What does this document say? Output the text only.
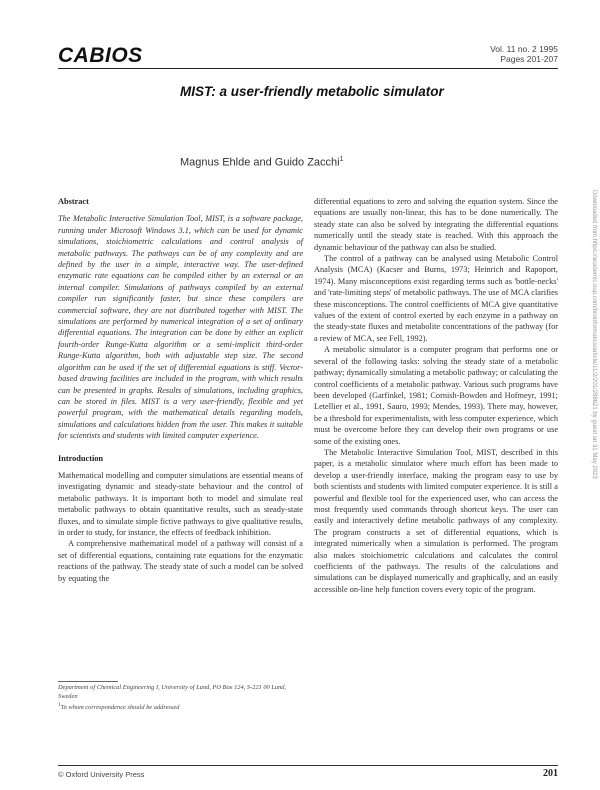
CABIOS	Vol. 11 no. 2 1995
Pages 201-207
MIST: a user-friendly metabolic simulator
Magnus Ehlde and Guido Zacchi$^1$
Abstract

The Metabolic Interactive Simulation Tool, MIST, is a software package, running under Microsoft Windows 3.1, which can be used for dynamic simulations, stoichiometric calculations and control analysis of metabolic pathways. The pathways can be of any complexity and are defined by the user in a simple, interactive way. The user-defined enzymatic rate equations can be compiled either by an external or an internal compiler. Simulations of pathways compiled by an external compiler run significantly faster, but since these compilers are commercial software, they are not distributed together with MIST. The simulations are performed by numerical integration of a set of ordinary differential equations. The integration can be done by either an explicit fourth-order Runge-Kutta algorithm or a semi-implicit third-order Runge-Kutta algorithm, both with adjustable step size. The second algorithm can be used if the set of differential equations is stiff. Vector-based drawing facilities are included in the program, with which results can be presented in graphs. Results of simulations, including graphics, can be stored in files. MIST is a very user-friendly, flexible and yet powerful program, with the mathematical details regarding models, simulations and calculations hidden from the user. This makes it suitable for scientists and students with limited computer experience.

Introduction

Mathematical modelling and computer simulations are essential means of investigating dynamic and steady-state behaviour and the control of metabolic pathways. It is important both to model and simulate real metabolic pathways to obtain quantitative results, such as steady-state fluxes, and to simulate simple fictive pathways to give qualitative results, in order to study, for instance, the effects of feedback inhibition.

A comprehensive mathematical model of a pathway will consist of a set of differential equations, containing rate equations for the enzymatic reactions of the pathway. The steady state of such a model can be solved by equating the

Department of Chemical Engineering I, University of Lund, PO Box 124, S-221 00 Lund, Sweden
$^1$To whom correspondence should be addressed

differential equations to zero and solving the equation system. Since the equations are usually non-linear, this has to be done numerically. The steady state can also be solved by integrating the differential equations numerically until the steady state is reached. With this approach the dynamic behaviour of the pathway can also be studied.

The control of a pathway can be analysed using Metabolic Control Analysis (MCA) (Kacser and Burns, 1973; Heinrich and Rapoport, 1974). Many misconceptions exist regarding terms such as 'bottle-necks' and 'rate-limiting steps' of metabolic pathways. The use of MCA clarifies these misconceptions. The control coefficients of MCA give quantitative values of the extent of control exerted by each enzyme in a pathway on the steady-state fluxes and metabolite concentrations of the pathway (for a review of MCA, see Fell, 1992).

A metabolic simulator is a computer program that performs one or several of the following tasks: solving the steady state of a metabolic pathway; dynamically simulating a metabolic pathway; or calculating the control coefficients of a metabolic pathway. Various such programs have been developed (Garfinkel, 1981; Cornish-Bowden and Hofmeyr, 1991; Letellier et al., 1991, Sauro, 1993; Mendes, 1993). There may, however, be a threshold for experimentalists, with less computer experience, which must be overcome before they can develop their own programs or use some of the existing ones.

The Metabolic Interactive Simulation Tool, MIST, described in this paper, is a metabolic simulator where much effort has been made to develop a user-friendly interface, making the program easy to use by both scientists and students with limited computer experience. It is still a powerful and flexible tool for the experienced user, who can access the most frequently used commands through shortcut keys. The user can easily and interactively define metabolic pathways of any complexity. The program constructs a set of differential equations, which is integrated numerically when a simulation is performed. The program also makes stoichiometric calculations and calculates the control coefficients of the pathways. The results of the calculations and simulations can be displayed numerically and graphically, and an easily accessible on-line help function covers every topic of the program.

Downloaded from https://academic.oup.com/bioinformatics/article/11/2/201/288621 by guest on 31 May 2023
© Oxford University Press	201
